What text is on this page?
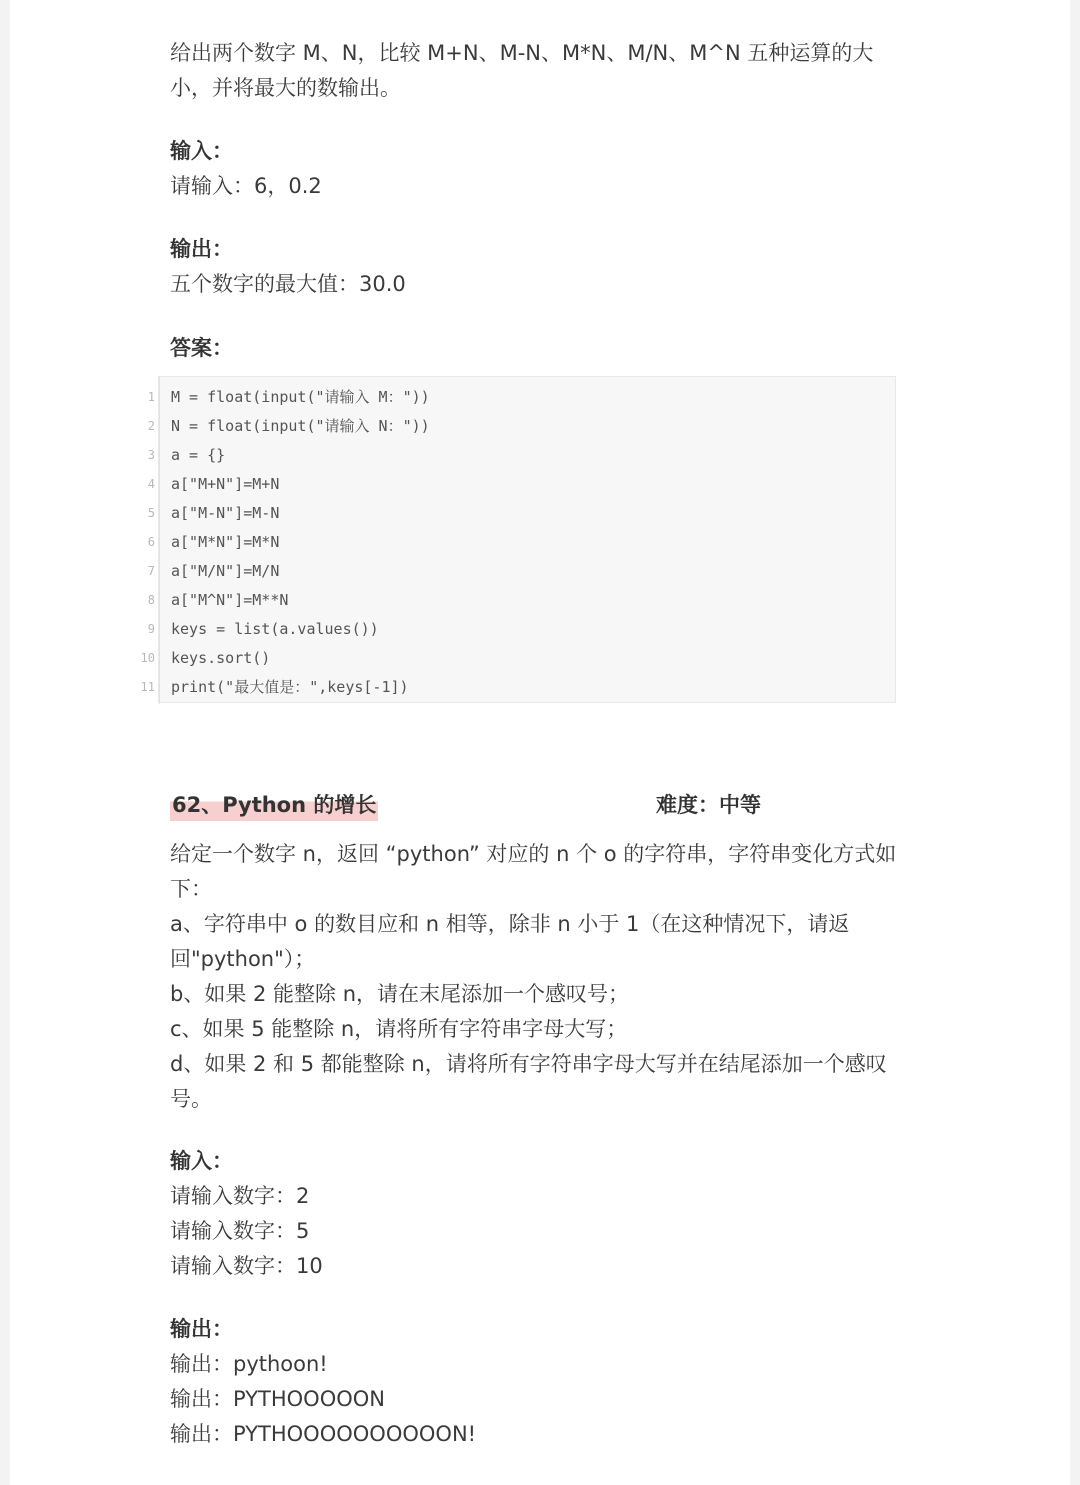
给出两个数字 M、N，比较 M+N、M-N、M*N、M/N、M^N 五种运算的大

小，并将最大的数输出。

输入：

请输入：6，0.2

输出：

五个数字的最大值：30.0

答案：

1 M = float(input("请输入 M："))
2 N = float(input("请输入 N："))
3 a = {}
4 a["M+N"]=M+N
5 a["M-N"]=M-N
6 a["M*N"]=M*N
7 a["M/N"]=M/N
8 a["M^N"]=M**N
9 keys = list(a.values())
10 keys.sort()
11 print("最大值是：",keys[-1])
62、Python 的增长	难度：中等

给定一个数字 n，返回 “python” 对应的 n 个 o 的字符串，字符串变化方式如

下：

a、字符串中 o 的数目应和 n 相等，除非 n 小于 1（在这种情况下，请返

回"python"）；

b、如果 2 能整除 n，请在末尾添加一个感叹号；

c、如果 5 能整除 n，请将所有字符串字母大写；

d、如果 2 和 5 都能整除 n，请将所有字符串字母大写并在结尾添加一个感叹

号。

输入：

请输入数字：2

请输入数字：5

请输入数字：10

输出：

输出：pythoon!

输出：PYTHOOOOON

输出：PYTHOOOOOOOOOON!
